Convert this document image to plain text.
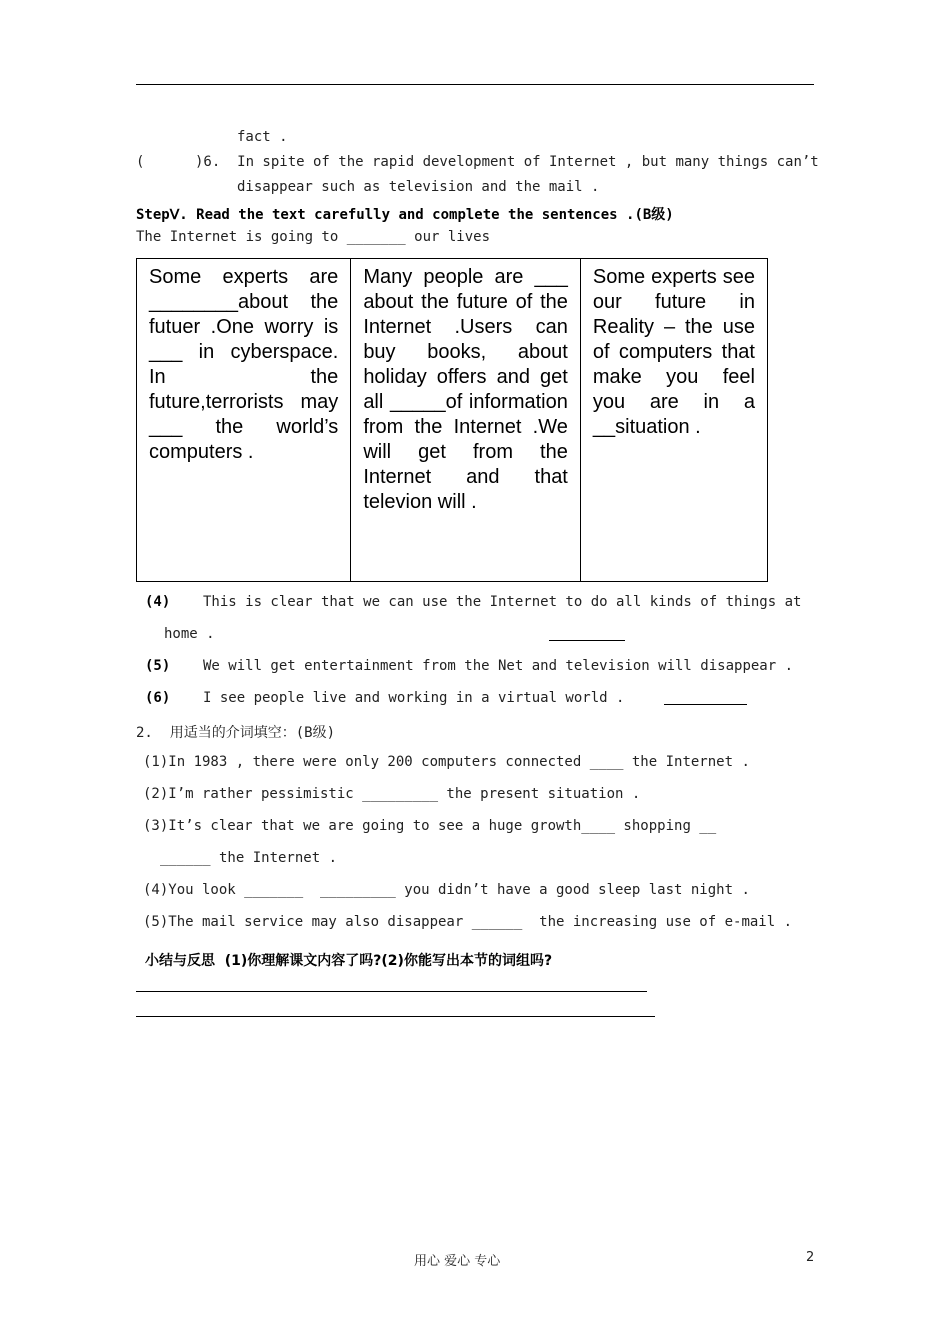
fact .
(      )6.  In spite of the rapid development of Internet , but many things can’t
disappear such as television and the mail .
StepⅤ. Read the text carefully and complete the sentences .(B级)
The Internet is going to _______ our lives
Some experts are ________about the futuer .One worry is ___ in cyberspace. In the future,terrorists may ___ the world’s computers .	Many people are ___ about the future of the Internet .Users can buy books, about holiday offers and get all _____of information from the Internet .We will get from the Internet and that televion will .	Some experts see our future in Reality – the use of computers that make you feel you are in a __situation .
(4) This is clear that we can use the Internet to do all kinds of things at
home .
(5) We will get entertainment from the Net and television will disappear .
(6) I see people live and working in a virtual world .
2.  用适当的介词填空：(B级)
(1)In 1983 , there were only 200 computers connected ____ the Internet .
(2)I’m rather pessimistic _________ the present situation .
(3)It’s clear that we are going to see a huge growth____ shopping __
______ the Internet .
(4)You look _______  _________ you didn’t have a good sleep last night .
(5)The mail service may also disappear ______  the increasing use of e-mail .
小结与反思  (1)你理解课文内容了吗?(2)你能写出本节的词组吗?
用心 爱心 专心	2
